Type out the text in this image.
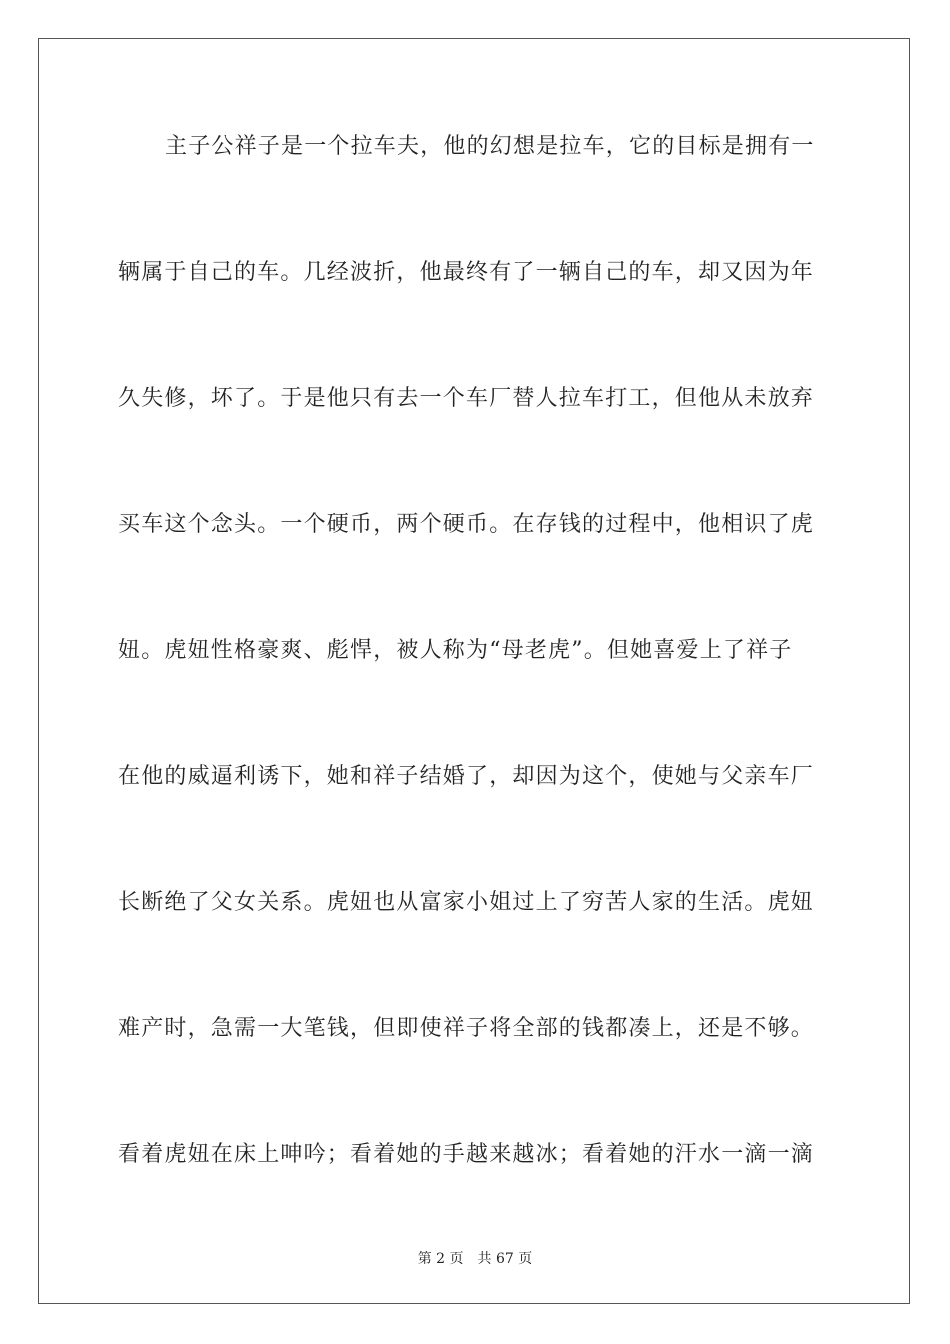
主子公祥子是一个拉车夫，他的幻想是拉车，它的目标是拥有一
辆属于自己的车。几经波折，他最终有了一辆自己的车，却又因为年
久失修，坏了。于是他只有去一个车厂替人拉车打工，但他从未放弃
买车这个念头。一个硬币，两个硬币。在存钱的过程中，他相识了虎
妞。虎妞性格豪爽、彪悍，被人称为“母老虎”。但她喜爱上了祥子
在他的威逼利诱下，她和祥子结婚了，却因为这个，使她与父亲车厂
长断绝了父女关系。虎妞也从富家小姐过上了穷苦人家的生活。虎妞
难产时，急需一大笔钱，但即使祥子将全部的钱都凑上，还是不够。
看着虎妞在床上呻吟；看着她的手越来越冰；看着她的汗水一滴一滴
第 2 页 共 67 页
